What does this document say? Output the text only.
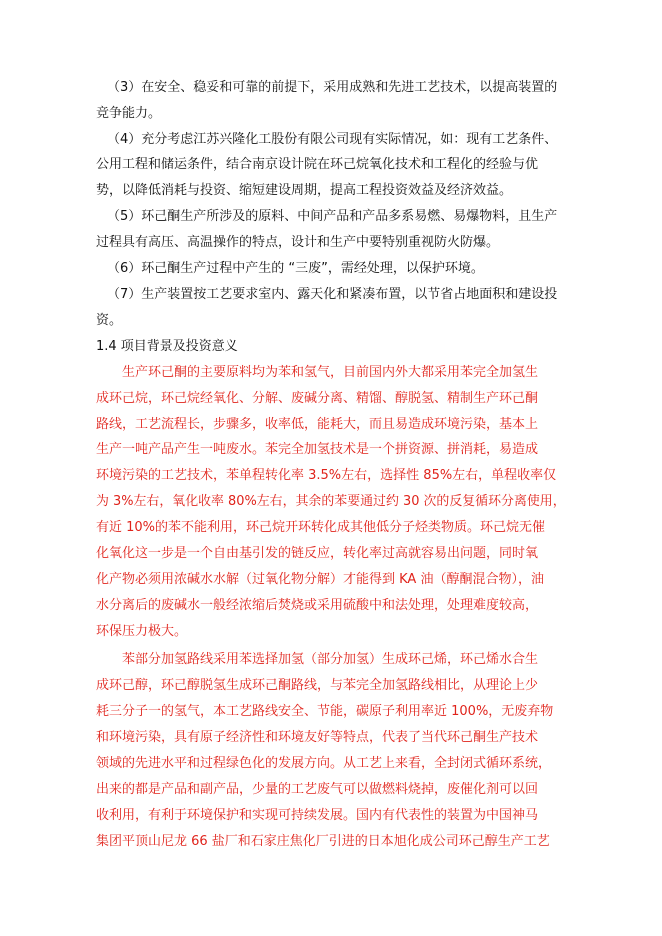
（3）在安全、稳妥和可靠的前提下，采用成熟和先进工艺技术，以提高装置的
竞争能力。
（4）充分考虑江苏兴隆化工股份有限公司现有实际情况，如：现有工艺条件、
公用工程和储运条件，结合南京设计院在环己烷氧化技术和工程化的经验与优
势，以降低消耗与投资、缩短建设周期，提高工程投资效益及经济效益。
（5）环己酮生产所涉及的原料、中间产品和产品多系易燃、易爆物料，且生产
过程具有高压、高温操作的特点，设计和生产中要特别重视防火防爆。
（6）环己酮生产过程中产生的 “三废”，需经处理，以保护环境。
（7）生产装置按工艺要求室内、露天化和紧凑布置，以节省占地面积和建设投
资。
1.4 项目背景及投资意义
生产环己酮的主要原料均为苯和氢气，目前国内外大都采用苯完全加氢生
成环己烷，环己烷经氧化、分解、废碱分离、精馏、醇脱氢、精制生产环己酮
路线，工艺流程长，步骤多，收率低，能耗大，而且易造成环境污染，基本上
生产一吨产品产生一吨废水。苯完全加氢技术是一个拼资源、拼消耗，易造成
环境污染的工艺技术，苯单程转化率 3.5%左右，选择性 85%左右，单程收率仅
为 3%左右，氧化收率 80%左右，其余的苯要通过约 30 次的反复循环分离使用，
有近 10%的苯不能利用，环己烷开环转化成其他低分子烃类物质。环己烷无催
化氧化这一步是一个自由基引发的链反应，转化率过高就容易出问题，同时氧
化产物必须用浓碱水水解（过氧化物分解）才能得到 KA 油（醇酮混合物），油
水分离后的废碱水一般经浓缩后焚烧或采用硫酸中和法处理，处理难度较高，
环保压力极大。
苯部分加氢路线采用苯选择加氢（部分加氢）生成环己烯，环己烯水合生
成环己醇，环己醇脱氢生成环己酮路线，与苯完全加氢路线相比，从理论上少
耗三分子一的氢气，本工艺路线安全、节能，碳原子利用率近 100%，无废弃物
和环境污染，具有原子经济性和环境友好等特点，代表了当代环己酮生产技术
领域的先进水平和过程绿色化的发展方向。从工艺上来看，全封闭式循环系统，
出来的都是产品和副产品，少量的工艺废气可以做燃料烧掉，废催化剂可以回
收利用，有利于环境保护和实现可持续发展。国内有代表性的装置为中国神马
集团平顶山尼龙 66 盐厂和石家庄焦化厂引进的日本旭化成公司环己醇生产工艺
